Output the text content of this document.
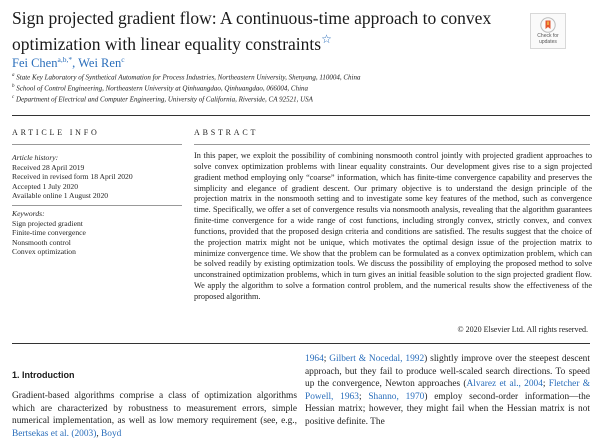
Sign projected gradient flow: A continuous-time approach to convex optimization with linear equality constraints☆	Check for
updates
Fei Chen$^{a,b,*}$, Wei Ren$^c$
$^a$ State Key Laboratory of Synthetical Automation for Process Industries, Northeastern University, Shenyang, 110004, China
$^b$ School of Control Engineering, Northeastern University at Qinhuangdao, Qinhuangdao, 066004, China
$^c$ Department of Electrical and Computer Engineering, University of California, Riverside, CA 92521, USA
ARTICLE INFO	ABSTRACT
Article history:
Received 28 April 2019
Received in revised form 18 April 2020
Accepted 1 July 2020
Available online 1 August 2020
Keywords:
Sign projected gradient
Finite-time convergence
Nonsmooth control
Convex optimization
In this paper, we exploit the possibility of combining nonsmooth control jointly with projected gradient approaches to solve convex optimization problems with linear equality constraints. Our development gives rise to a sign projected gradient method employing only “coarse” information, which has finite-time convergence capability and preserves the simplicity and elegance of gradient descent. Our primary objective is to understand the design principle of the projection matrix in the nonsmooth setting and to investigate some key features of the method, such as convergence time. Specifically, we offer a set of convergence results via nonsmooth analysis, revealing that the algorithm guarantees finite-time convergence for a wide range of cost functions, including strongly convex, strictly convex, and convex functions, provided that the proposed design criteria and conditions are satisfied. The results suggest that the choice of the projection matrix might not be unique, which motivates the optimal design issue of the projection matrix to minimize convergence time. We show that the problem can be formulated as a convex optimization problem, which can be solved readily by existing optimization tools. We discuss the possibility of employing the proposed method to solve unconstrained optimization problems, which in turn gives an initial feasible solution to the sign projected gradient flow. We apply the algorithm to solve a formation control problem, and the numerical results show the effectiveness of the proposed algorithm.
© 2020 Elsevier Ltd. All rights reserved.
1. Introduction
Gradient-based algorithms comprise a class of optimization algorithms which are characterized by robustness to measurement errors, simple numerical implementation, as well as low memory requirement (see, e.g., Bertsekas et al. (2003), Boyd
1964; Gilbert & Nocedal, 1992) slightly improve over the steepest descent approach, but they fail to produce well-scaled search directions. To speed up the convergence, Newton approaches (Alvarez et al., 2004; Fletcher & Powell, 1963; Shanno, 1970) employ second-order information—the Hessian matrix; however, they might fail when the Hessian matrix is not positive definite. The
